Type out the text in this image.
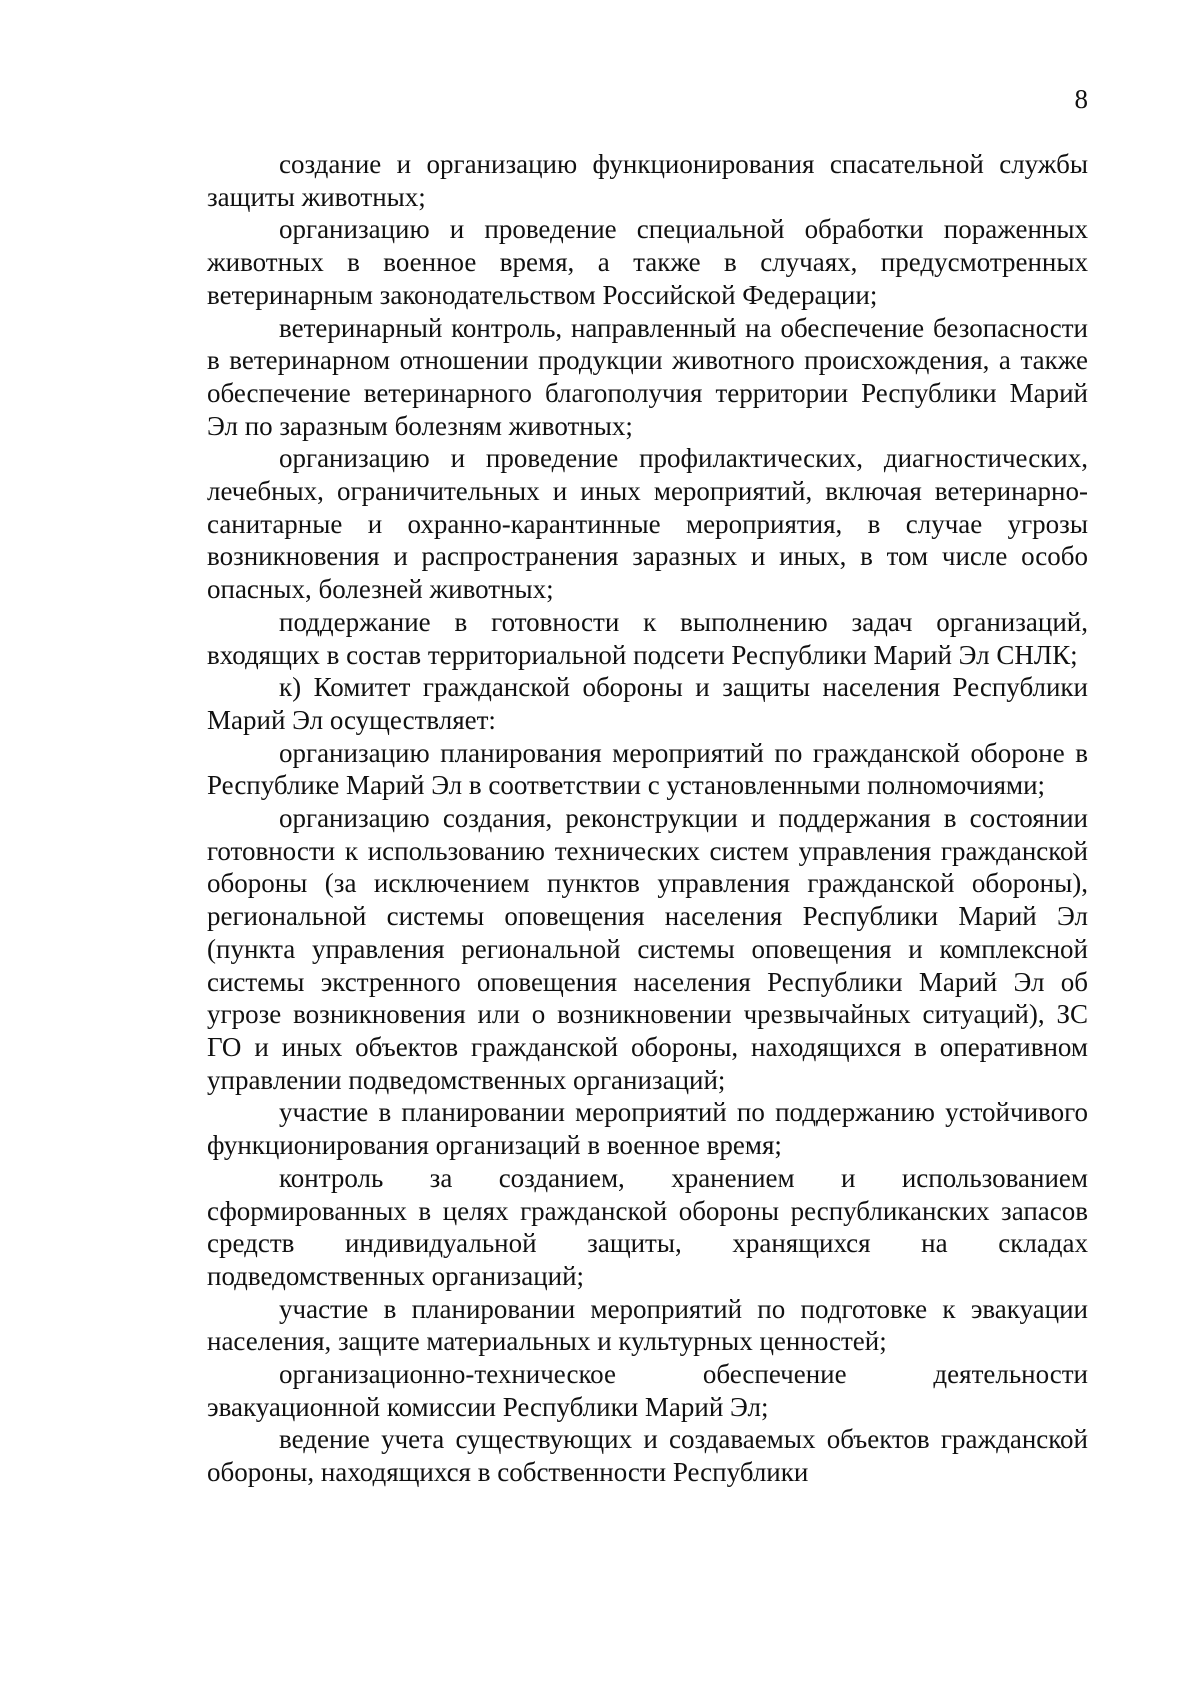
8

создание и организацию функционирования спасательной службы защиты животных;

организацию и проведение специальной обработки пораженных животных в военное время, а также в случаях, предусмотренных ветеринарным законодательством Российской Федерации;

ветеринарный контроль, направленный на обеспечение безопасности в ветеринарном отношении продукции животного происхождения, а также обеспечение ветеринарного благополучия территории Республики Марий Эл по заразным болезням животных;

организацию и проведение профилактических, диагностических, лечебных, ограничительных и иных мероприятий, включая ветеринарно-санитарные и охранно-карантинные мероприятия, в случае угрозы возникновения и распространения заразных и иных, в том числе особо опасных, болезней животных;

поддержание в готовности к выполнению задач организаций, входящих в состав территориальной подсети Республики Марий Эл СНЛК;

к) Комитет гражданской обороны и защиты населения Республики Марий Эл осуществляет:

организацию планирования мероприятий по гражданской обороне в Республике Марий Эл в соответствии с установленными полномочиями;

организацию создания, реконструкции и поддержания в состоянии готовности к использованию технических систем управления гражданской обороны (за исключением пунктов управления гражданской обороны), региональной системы оповещения населения Республики Марий Эл (пункта управления региональной системы оповещения и комплексной системы экстренного оповещения населения Республики Марий Эл об угрозе возникновения или о возникновении чрезвычайных ситуаций), ЗС ГО и иных объектов гражданской обороны, находящихся в оперативном управлении подведомственных организаций;

участие в планировании мероприятий по поддержанию устойчивого функционирования организаций в военное время;

контроль за созданием, хранением и использованием сформированных в целях гражданской обороны республиканских запасов средств индивидуальной защиты, хранящихся на складах подведомственных организаций;

участие в планировании мероприятий по подготовке к эвакуации населения, защите материальных и культурных ценностей;

организационно-техническое обеспечение деятельности эвакуационной комиссии Республики Марий Эл;

ведение учета существующих и создаваемых объектов гражданской обороны, находящихся в собственности Республики
